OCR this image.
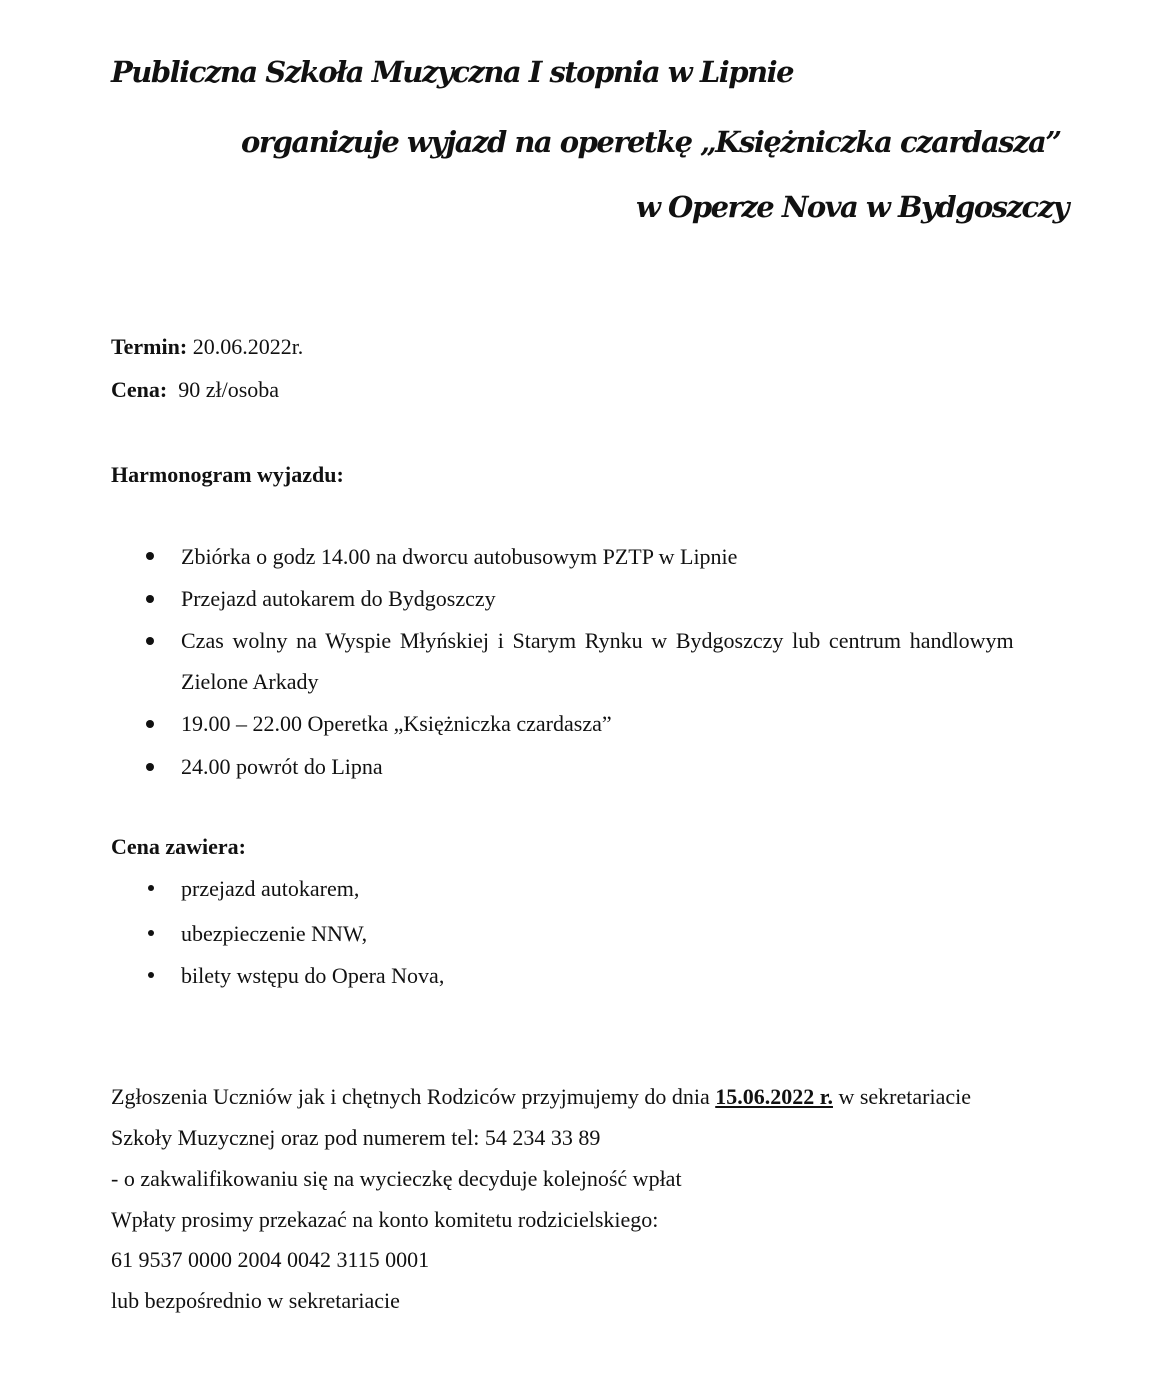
Publiczna Szkoła Muzyczna I stopnia w Lipnie
organizuje wyjazd na operetkę „Księżniczka czardasza”
w Operze Nova w Bydgoszczy
Termin: 20.06.2022r.
Cena: 90 zł/osoba
Harmonogram wyjazdu:
Zbiórka o godz 14.00 na dworcu autobusowym PZTP w Lipnie
Przejazd autokarem do Bydgoszczy
Czas wolny na Wyspie Młyńskiej i Starym Rynku w Bydgoszczy lub centrum handlowym
Zielone Arkady
19.00 – 22.00 Operetka „Księżniczka czardasza”
24.00 powrót do Lipna
Cena zawiera:
przejazd autokarem,
ubezpieczenie NNW,
bilety wstępu do Opera Nova,
Zgłoszenia Uczniów jak i chętnych Rodziców przyjmujemy do dnia 15.06.2022 r. w sekretariacie
Szkoły Muzycznej oraz pod numerem tel: 54 234 33 89
- o zakwalifikowaniu się na wycieczkę decyduje kolejność wpłat
Wpłaty prosimy przekazać na konto komitetu rodzicielskiego:
61 9537 0000 2004 0042 3115 0001
lub bezpośrednio w sekretariacie
